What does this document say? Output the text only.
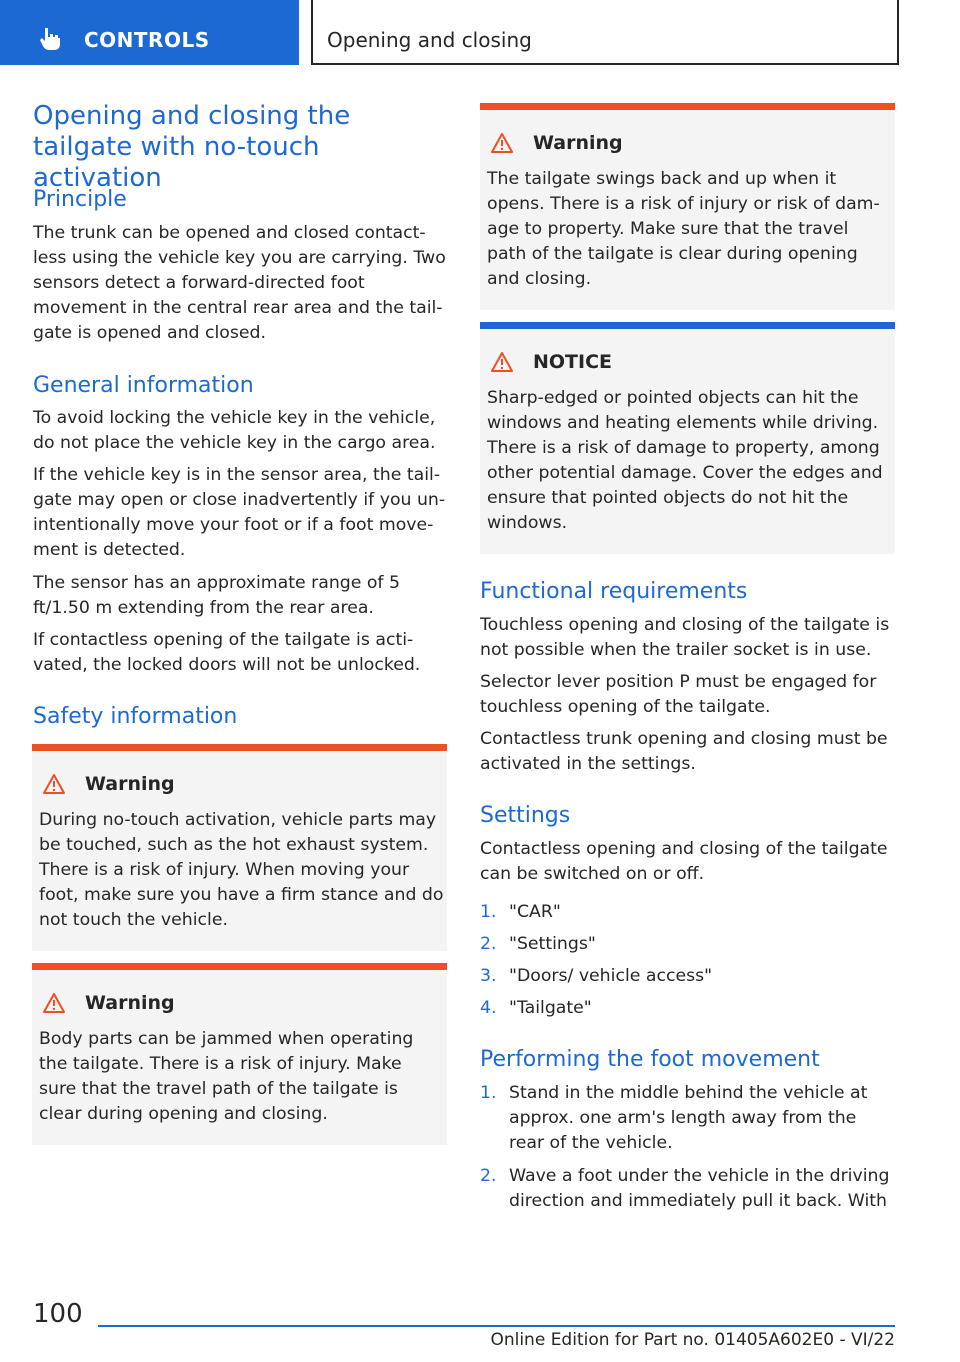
CONTROLS	Opening and closing
Opening and closing the tailgate with no-touch activation
Principle

The trunk can be opened and closed contact-less using the vehicle key you are carrying. Two sensors detect a forward-directed foot movement in the central rear area and the tail-gate is opened and closed.

General information

To avoid locking the vehicle key in the vehicle, do not place the vehicle key in the cargo area.

If the vehicle key is in the sensor area, the tail-gate may open or close inadvertently if you un-intentionally move your foot or if a foot move-ment is detected.

The sensor has an approximate range of 5 ft/1.50 m extending from the rear area.

If contactless opening of the tailgate is acti-vated, the locked doors will not be unlocked.

Safety information
Warning
During no-touch activation, vehicle parts may be touched, such as the hot exhaust system. There is a risk of injury. When moving your foot, make sure you have a firm stance and do not touch the vehicle.
Warning
Body parts can be jammed when operating the tailgate. There is a risk of injury. Make sure that the travel path of the tailgate is clear during opening and closing.
Warning
The tailgate swings back and up when it opens. There is a risk of injury or risk of dam-age to property. Make sure that the travel path of the tailgate is clear during opening and closing.
NOTICE
Sharp-edged or pointed objects can hit the windows and heating elements while driving. There is a risk of damage to property, among other potential damage. Cover the edges and ensure that pointed objects do not hit the windows.
Functional requirements

Touchless opening and closing of the tailgate is not possible when the trailer socket is in use.

Selector lever position P must be engaged for touchless opening of the tailgate.

Contactless trunk opening and closing must be activated in the settings.

Settings

Contactless opening and closing of the tailgate can be switched on or off.

1. "CAR"
2. "Settings"
3. "Doors/ vehicle access"
4. "Tailgate"
Performing the foot movement
1. Stand in the middle behind the vehicle at approx. one arm's length away from the rear of the vehicle.
2. Wave a foot under the vehicle in the driving direction and immediately pull it back. With
100
Online Edition for Part no. 01405A602E0 - VI/22
